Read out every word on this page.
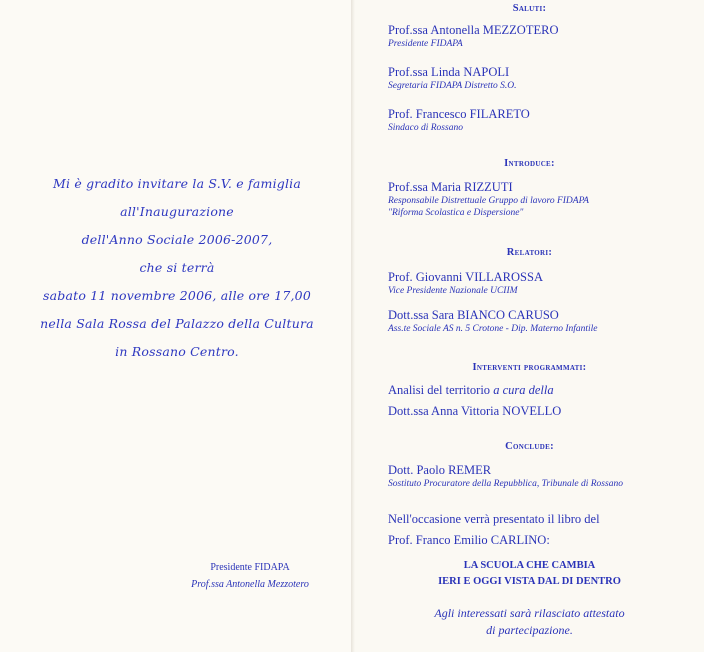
Mi è gradito invitare la S.V. e famiglia
all'Inaugurazione
dell'Anno Sociale 2006-2007,
che si terrà
sabato 11 novembre 2006, alle ore 17,00
nella Sala Rossa del Palazzo della Cultura
in Rossano Centro.
Presidente FIDAPA
Prof.ssa Antonella Mezzotero
Saluti:
Prof.ssa Antonella MEZZOTERO
Presidente FIDAPA
Prof.ssa Linda NAPOLI
Segretaria FIDAPA Distretto S.O.
Prof. Francesco FILARETO
Sindaco di Rossano
Introduce:
Prof.ssa Maria RIZZUTI
Responsabile Distrettuale Gruppo di lavoro FIDAPA
"Riforma Scolastica e Dispersione"
Relatori:
Prof. Giovanni VILLAROSSA
Vice Presidente Nazionale UCIIM
Dott.ssa Sara BIANCO CARUSO
Ass.te Sociale AS n. 5 Crotone - Dip. Materno Infantile
Interventi programmati:
Analisi del territorio a cura della
Dott.ssa Anna Vittoria NOVELLO
Conclude:
Dott. Paolo REMER
Sostituto Procuratore della Repubblica, Tribunale di Rossano
Nell'occasione verrà presentato il libro del
Prof. Franco Emilio CARLINO:
LA SCUOLA CHE CAMBIA
IERI E OGGI VISTA DAL DI DENTRO
Agli interessati sarà rilasciato attestato
di partecipazione.
